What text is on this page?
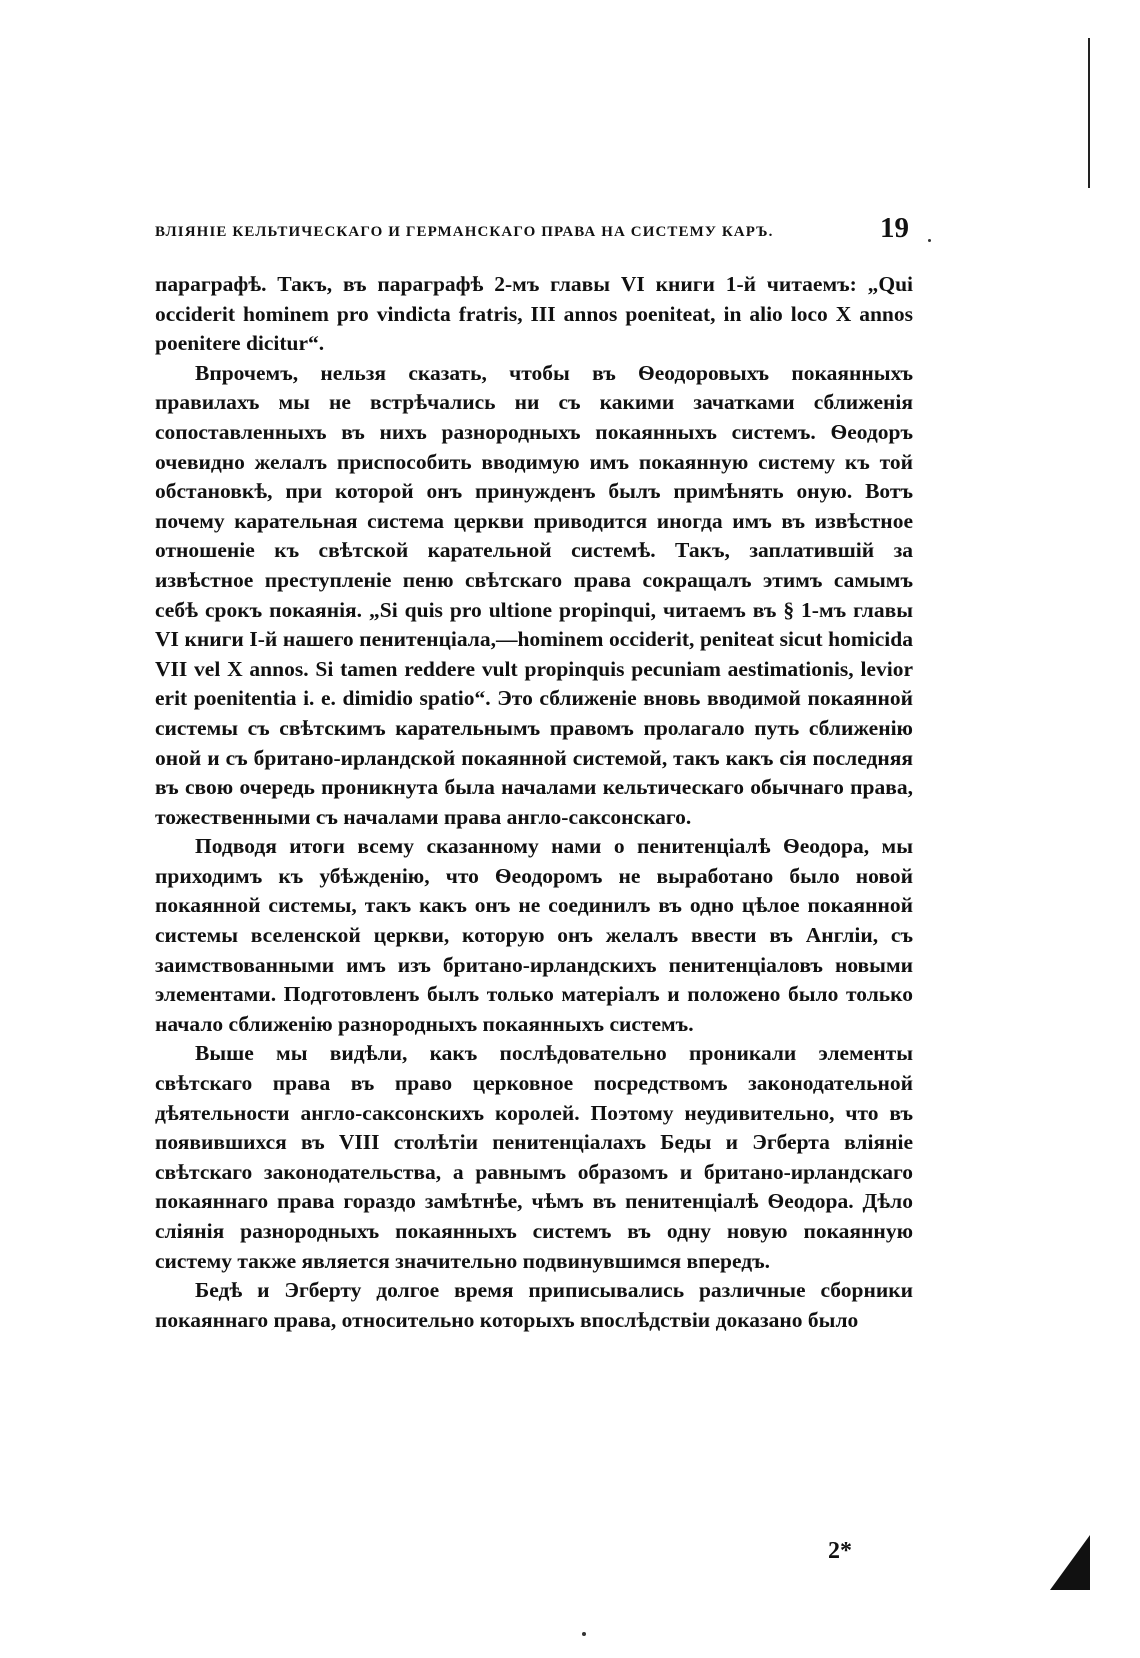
ВЛІЯНІЕ КЕЛЬТИЧЕСКАГО И ГЕРМАНСКАГО ПРАВА НА СИСТЕМУ КАРЪ.	19

параграфѣ. Такъ, въ параграфѣ 2-мъ главы VI книги 1-й читаемъ: „Qui occiderit hominem pro vindicta fratris, III annos poeniteat, in alio loco X annos poenitere dicitur“.

Впрочемъ, нельзя сказать, чтобы въ Ѳеодоровыхъ покаянныхъ правилахъ мы не встрѣчались ни съ какими зачатками сближенія сопоставленныхъ въ нихъ разнородныхъ покаянныхъ системъ. Ѳеодоръ очевидно желалъ приспособить вводимую имъ покаянную систему къ той обстановкѣ, при которой онъ принужденъ былъ примѣнять оную. Вотъ почему карательная система церкви приводится иногда имъ въ извѣстное отношеніе къ свѣтской карательной системѣ. Такъ, заплатившій за извѣстное преступленіе пеню свѣтскаго права сокращалъ этимъ самымъ себѣ срокъ покаянія. „Si quis pro ultione propinqui, читаемъ въ § 1-мъ главы VI книги I-й нашего пенитенціала,—hominem occiderit, peniteat sicut homicida VII vel X annos. Si tamen reddere vult propinquis pecuniam aestimationis, levior erit poenitentia i. e. dimidio spatio“. Это сближеніе вновь вводимой покаянной системы съ свѣтскимъ карательнымъ правомъ пролагало путь сближенію оной и съ британо-ирландской покаянной системой, такъ какъ сія последняя въ свою очередь проникнута была началами кельтическаго обычнаго права, тожественными съ началами права англо-саксонскаго.

Подводя итоги всему сказанному нами о пенитенціалѣ Ѳеодора, мы приходимъ къ убѣжденію, что Ѳеодоромъ не выработано было новой покаянной системы, такъ какъ онъ не соединилъ въ одно цѣлое покаянной системы вселенской церкви, которую онъ желалъ ввести въ Англіи, съ заимствованными имъ изъ британо-ирландскихъ пенитенціаловъ новыми элементами. Подготовленъ былъ только матеріалъ и положено было только начало сближенію разнородныхъ покаянныхъ системъ.

Выше мы видѣли, какъ послѣдовательно проникали элементы свѣтскаго права въ право церковное посредствомъ законодательной дѣятельности англо-саксонскихъ королей. Поэтому неудивительно, что въ появившихся въ VIII столѣтіи пенитенціалахъ Беды и Эгберта вліяніе свѣтскаго законодательства, а равнымъ образомъ и британо-ирландскаго покаяннаго права гораздо замѣтнѣе, чѣмъ въ пенитенціалѣ Ѳеодора. Дѣло сліянія разнородныхъ покаянныхъ системъ въ одну новую покаянную систему также является значительно подвинувшимся впередъ.

Бедѣ и Эгберту долгое время приписывались различные сборники покаяннаго права, относительно которыхъ впослѣдствіи доказано было

2*
